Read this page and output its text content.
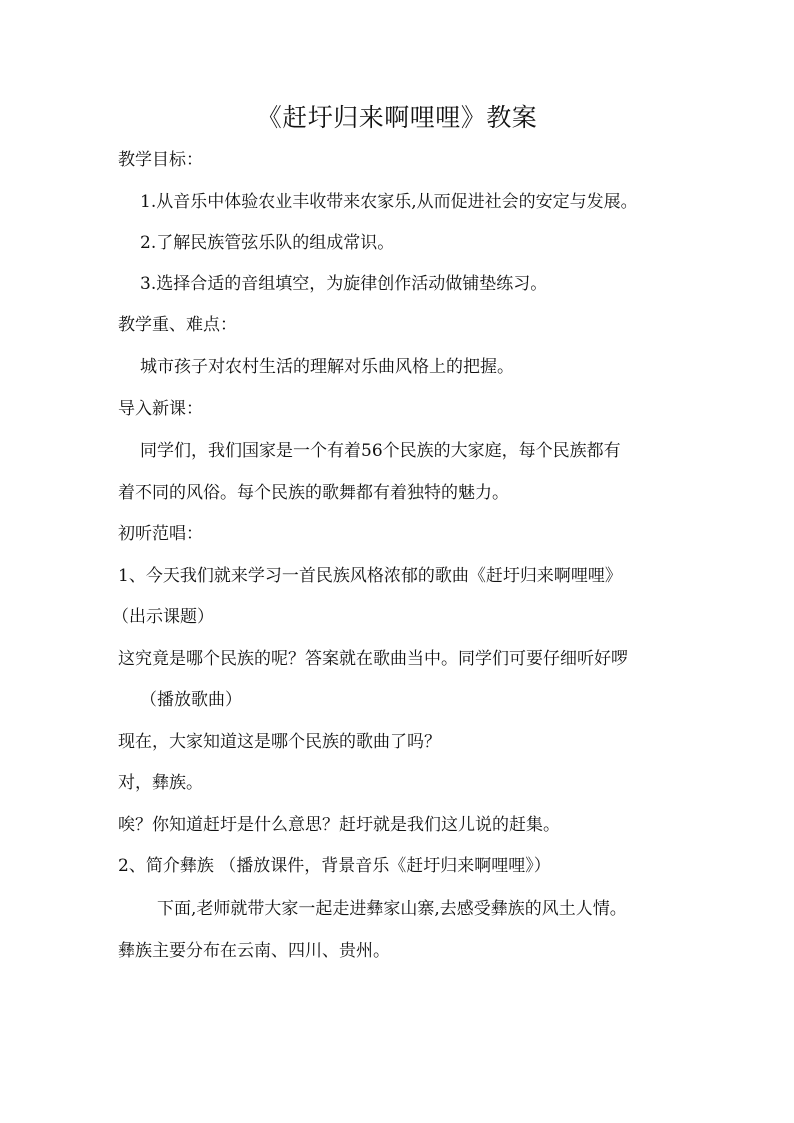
《赶圩归来啊哩哩》教案
教学目标：
1.从音乐中体验农业丰收带来农家乐,从而促进社会的安定与发展。
2.了解民族管弦乐队的组成常识。
3.选择合适的音组填空，为旋律创作活动做铺垫练习。
教学重、难点：
城市孩子对农村生活的理解对乐曲风格上的把握。
导入新课：
同学们，我们国家是一个有着56个民族的大家庭，每个民族都有
着不同的风俗。每个民族的歌舞都有着独特的魅力。
初听范唱：
1、今天我们就来学习一首民族风格浓郁的歌曲《赶圩归来啊哩哩》
（出示课题）
这究竟是哪个民族的呢？答案就在歌曲当中。同学们可要仔细听好啰
（播放歌曲）
现在，大家知道这是哪个民族的歌曲了吗？
对，彝族。
唉？你知道赶圩是什么意思？赶圩就是我们这儿说的赶集。
2、简介彝族 （播放课件，背景音乐《赶圩归来啊哩哩》）
下面,老师就带大家一起走进彝家山寨,去感受彝族的风土人情。
彝族主要分布在云南、四川、贵州。
